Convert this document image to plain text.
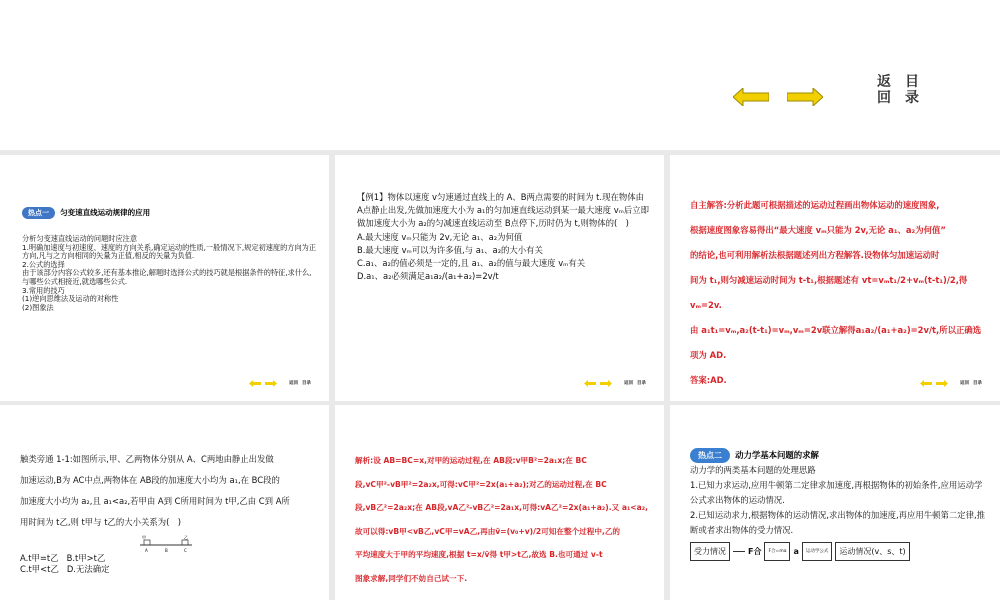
返回
目录
热点一 匀变速直线运动规律的应用
分析匀变速直线运动的问题时应注意
1.明确加速度与初速度、速度的方向关系,确定运动的性质,一般情况下,规定初速度的方向为正方向,凡与之方向相同的矢量为正值,相反的矢量为负值.
2.公式的选择
由于该部分内容公式较多,还有基本推论,解题时选择公式的技巧就是根据条件的特征,求什么,与哪些公式相接近,就选哪些公式.
3.常用的技巧
(1)逆向思维法及运动的对称性
(2)图象法
返回 目录
【例1】物体以速度 v匀速通过直线上的 A、B两点需要的时间为 t.现在物体由 A点静止出发,先做加速度大小为 a₁的匀加速直线运动到某一最大速度 vₘ后立即做加速度大小为 a₂的匀减速直线运动至 B点停下,历时仍为 t,则物体的(　)
A.最大速度 vₘ只能为 2v,无论 a₁、a₂为何值
B.最大速度 vₘ可以为许多值,与 a₁、a₂的大小有关
C.a₁、a₂的值必须是一定的,且 a₁、a₂的值与最大速度 vₘ有关
D.a₁、a₂必须满足a₁a₂/(a₁+a₂)=2v/t
返回 目录
自主解答:分析此题可根据描述的运动过程画出物体运动的速度图象,
根据速度图象容易得出“最大速度 vₘ只能为 2v,无论 a₁、a₂为何值”
的结论,也可利用解析法根据题述列出方程解答.设物体匀加速运动时
间为 t₁,则匀减速运动时间为 t-t₁,根据题述有 vt=vₘt₁/2+vₘ(t-t₁)/2,得 vₘ=2v.
由 a₁t₁=vₘ,a₂(t-t₁)=vₘ,vₘ=2v联立解得a₁a₂/(a₁+a₂)=2v/t,所以正确选项为 AD.
答案:AD.	返回 目录
触类旁通 1-1:如图所示,甲、乙两物体分别从 A、C两地由静止出发做
加速运动,B为 AC中点,两物体在 AB段的加速度大小均为 a₁,在 BC段的
加速度大小均为 a₂,且 a₁<a₂,若甲由 A到 C所用时间为 t甲,乙由 C到 A所
用时间为 t乙,则 t甲与 t乙的大小关系为(　)
甲	乙
A	B	C
A.t甲=t乙 B.t甲>t乙
C.t甲<t乙 D.无法确定
解析:设 AB=BC=x,对甲的运动过程,在 AB段:v甲B²=2a₁x;在 BC
段,vC甲²-vB甲²=2a₂x,可得:vC甲²=2x(a₁+a₂);对乙的运动过程,在 BC
段,vB乙²=2a₂x;在 AB段,vA乙²-vB乙²=2a₁x,可得:vA乙²=2x(a₁+a₂).又 a₁<a₂,
故可以得:vB甲<vB乙,vC甲=vA乙,再由v̄=(v₀+v)/2可知在整个过程中,乙的
平均速度大于甲的平均速度,根据 t=x/v̄得 t甲>t乙,故选 B.也可通过 v-t
图象求解,同学们不妨自己试一下.
热点二 动力学基本问题的求解
动力学的两类基本问题的处理思路
1.已知力求运动,应用牛顿第二定律求加速度,再根据物体的初始条件,应用运动学公式求出物体的运动情况.
2.已知运动求力,根据物体的运动情况,求出物体的加速度,再应用牛顿第二定律,推断或者求出物体的受力情况.
受力情况	F合	F合=ma a	运动学公式	运动情况(v、s、t)
